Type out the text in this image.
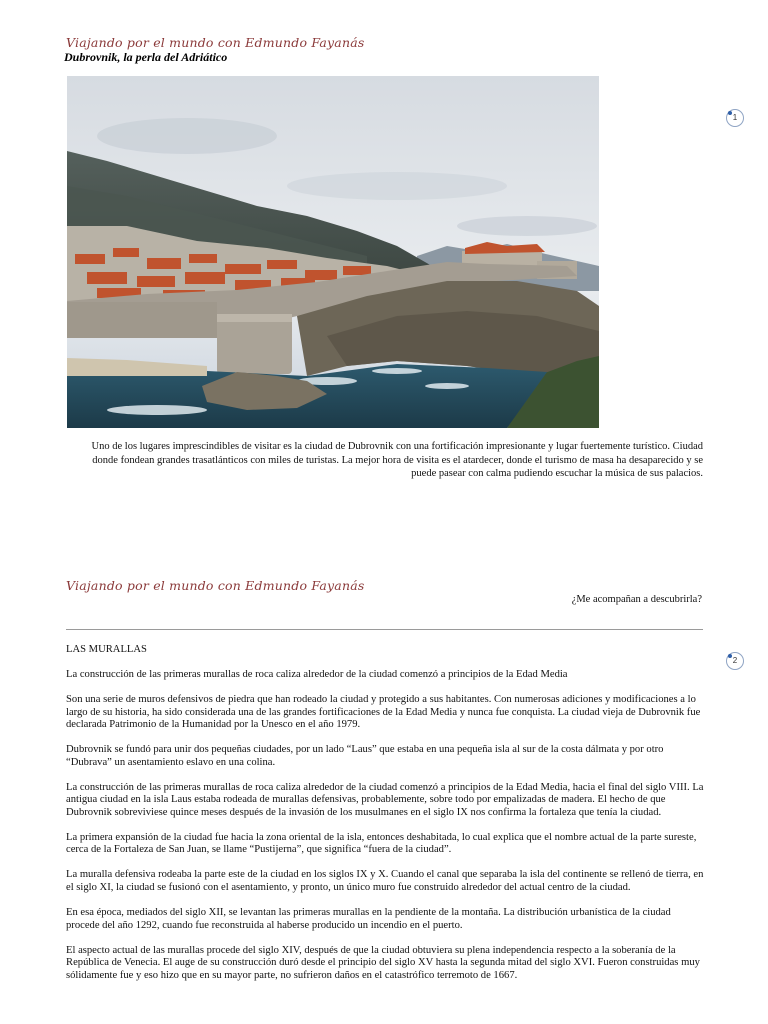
Viajando por el mundo con Edmundo Fayanás
Dubrovnik, la perla del Adriático
1
Uno de los lugares imprescindibles de visitar es la ciudad de Dubrovnik con una fortificación impresionante y lugar fuertemente turístico. Ciudad donde fondean grandes trasatlánticos con miles de turistas. La mejor hora de visita es el atardecer, donde el turismo de masa ha desaparecido y se puede pasear con calma pudiendo escuchar la música de sus palacios.
Viajando por el mundo con Edmundo Fayanás
¿Me acompañan a descubrirla?
2
LAS MURALLAS

La construcción de las primeras murallas de roca caliza alrededor de la ciudad comenzó a principios de la Edad Media

Son una serie de muros defensivos de piedra que han rodeado la ciudad y protegido a sus habitantes. Con numerosas adiciones y modificaciones a lo largo de su historia, ha sido considerada una de las grandes fortificaciones de la Edad Media y nunca fue conquista. La ciudad vieja de Dubrovnik fue declarada Patrimonio de la Humanidad por la Unesco en el año 1979.

Dubrovnik se fundó para unir dos pequeñas ciudades, por un lado “Laus” que estaba en una pequeña isla al sur de la costa dálmata y por otro “Dubrava” un asentamiento eslavo en una colina.

La construcción de las primeras murallas de roca caliza alrededor de la ciudad comenzó a principios de la Edad Media, hacia el final del siglo VIII. La antigua ciudad en la isla Laus estaba rodeada de murallas defensivas, probablemente, sobre todo por empalizadas de madera. El hecho de que Dubrovnik sobreviviese quince meses después de la invasión de los musulmanes en el siglo IX nos confirma la fortaleza que tenía la ciudad.

La primera expansión de la ciudad fue hacia la zona oriental de la isla, entonces deshabitada, lo cual explica que el nombre actual de la parte sureste, cerca de la Fortaleza de San Juan, se llame “Pustijerna”, que significa “fuera de la ciudad”.

La muralla defensiva rodeaba la parte este de la ciudad en los siglos IX y X. Cuando el canal que separaba la isla del continente se rellenó de tierra, en el siglo XI, la ciudad se fusionó con el asentamiento, y pronto, un único muro fue construido alrededor del actual centro de la ciudad.

En esa época, mediados del siglo XII, se levantan las primeras murallas en la pendiente de la montaña. La distribución urbanística de la ciudad procede del año 1292, cuando fue reconstruida al haberse producido un incendio en el puerto.

El aspecto actual de las murallas procede del siglo XIV, después de que la ciudad obtuviera su plena independencia respecto a la soberanía de la República de Venecia. El auge de su construcción duró desde el principio del siglo XV hasta la segunda mitad del siglo XVI. Fueron construidas muy sólidamente fue y eso hizo que en su mayor parte, no sufrieron daños en el catastrófico terremoto de 1667.
